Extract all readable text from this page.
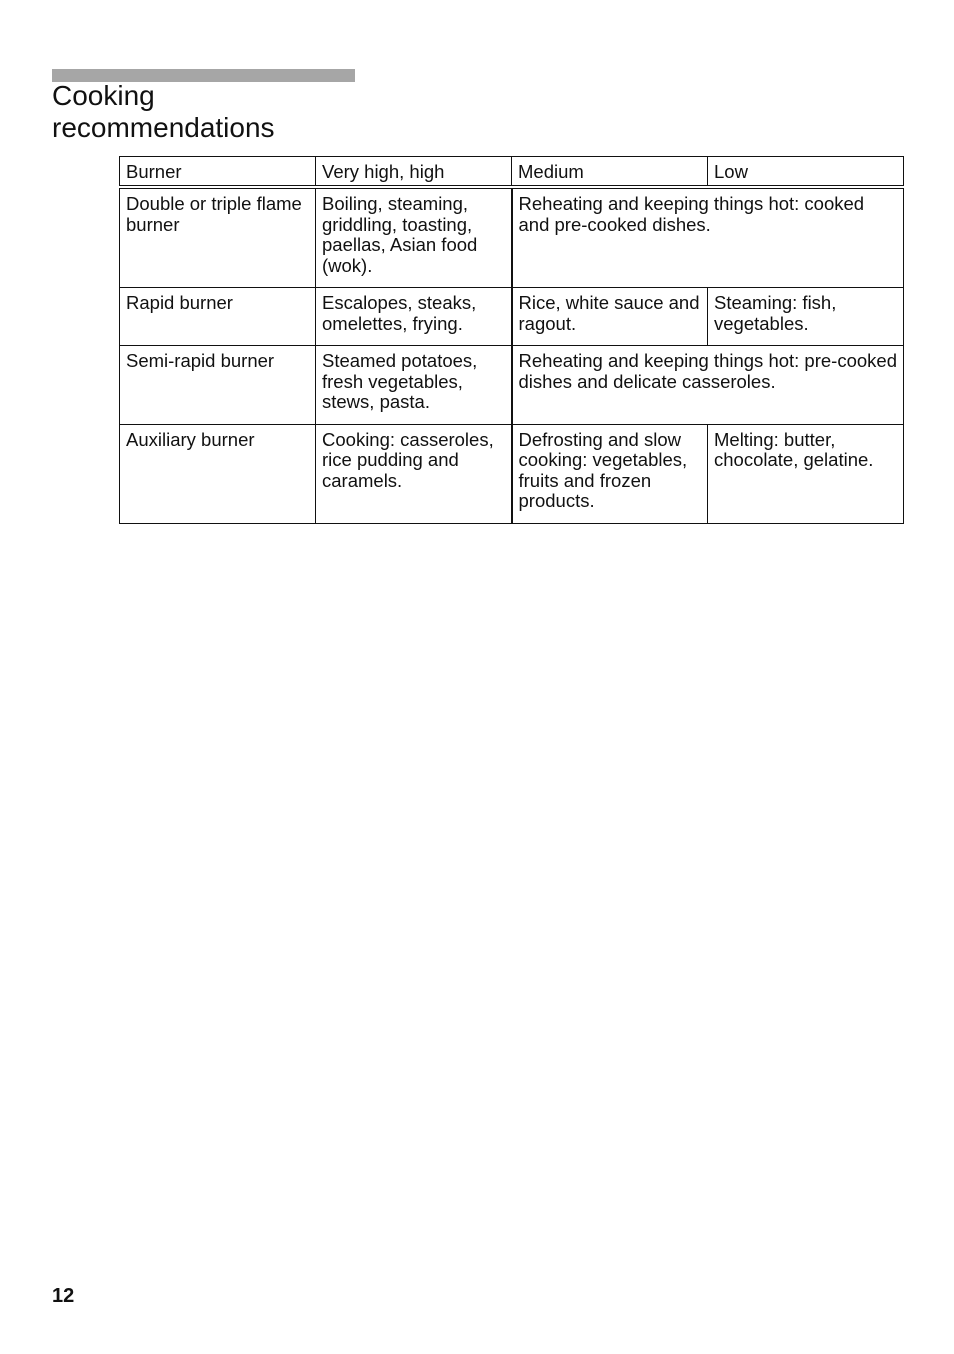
Cooking
recommendations
Burner	Very high, high	Medium	Low
Double or triple flame burner	Boiling, steaming, griddling, toasting, paellas, Asian food (wok).	Reheating and keeping things hot: cooked and pre-cooked dishes.	
Rapid burner	Escalopes, steaks, omelettes, frying.	Rice, white sauce and ragout.	Steaming: fish, vegetables.
Semi-rapid burner	Steamed potatoes, fresh vegetables, stews, pasta.	Reheating and keeping things hot: pre-cooked dishes and delicate casseroles.	
Auxiliary burner	Cooking: casseroles, rice pudding and caramels.	Defrosting and slow cooking: vegetables, fruits and frozen products.	Melting: butter, chocolate, gelatine.
12
